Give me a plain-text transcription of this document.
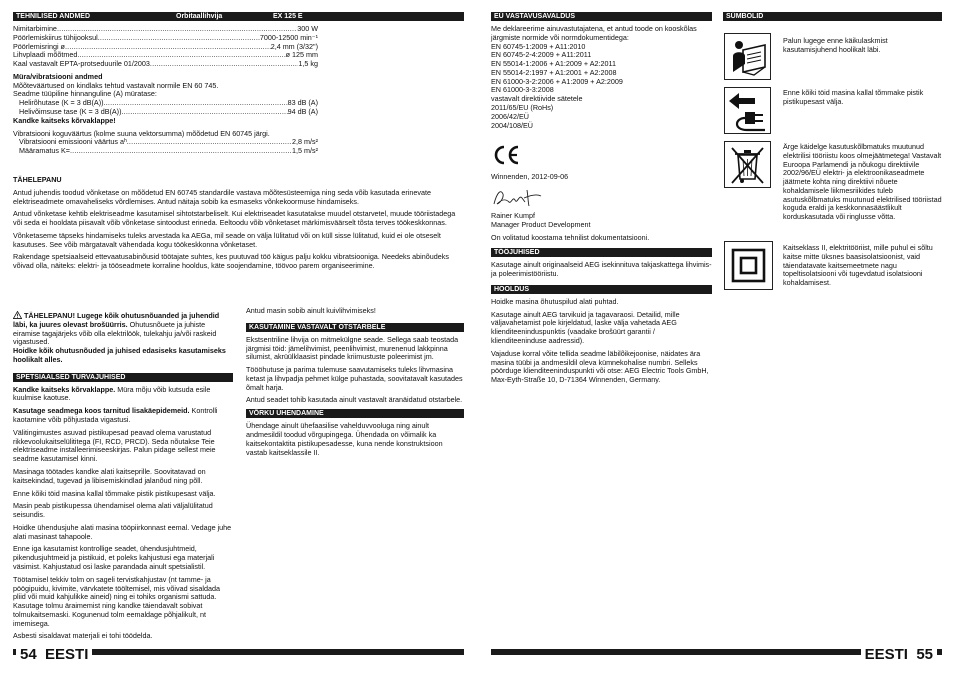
TEHNILISED ANDMED	Orbitaallihvija	EX 125 E
Nimitarbimine .....	300 W
Pöörlemiskiirus tühijooksul .....	7000-12500 min⁻¹
Pöörlemisringi ø .....	2,4 mm (3/32")
Lihvplaadi mõõtmed .....	ø 125 mm
Kaal vastavalt EPTA-protseduurile 01/2003 .....	1,5 kg
Müra/vibratsiooni andmed
Mõõteväärtused on kindlaks tehtud vastavalt normile EN 60 745.
Seadme tüüpiline hinnanguline (A) müratase:
Helirõhutase (K = 3 dB(A)) .....	83 dB (A)
Helivõimsuse tase (K = 3 dB(A)) .....	94 dB (A)
Kandke kaitseks kõrvaklappe!
Vibratsiooni koguväärtus (kolme suuna vektorsumma) mõõdetud EN 60745 järgi.
Vibratsiooni emissiooni väärtus a h .....	2,8 m/s²
Määramatus K= .....	1,5 m/s²
TÄHELEPANU

Antud juhendis toodud võnketase on mõõdetud EN 60745 standardile vastava mõõtesüsteemiga ning seda võib kasutada erinevate elektriseadmete omavaheliseks võrdlemises. Antud näitaja sobib ka esmaseks võnkekoormuse hindamiseks.

Antud võnketase kehtib elektriseadme kasutamisel sihtotstarbeliselt. Kui elektriseadet kasutatakse muudel otstarvetel, muude tööriistadega või seda ei hooldata piisavalt võib võnketase sintoodust erineda. Eeltoodu võib võnketaset märkimisväärselt tõsta terves töökeskkonnas.

Võnketaseme täpseks hindamiseks tuleks arvestada ka AEGa, mil seade on välja lülitatud või on küll sisse lülitatud, kuid ei ole otseselt kasutuses. See võib märgatavalt vähendada kogu töökeskkonna võnketaset.

Rakendage spetsiaalseid ettevaatusabinõusid töötajate suhtes, kes puutuvad töö käigus palju kokku vibratsiooniga. Needeks abinõudeks võivad olla, näiteks: elektri- ja tööseadmete korraline hooldus, käte soojendamine, töövoo parem organiseerimine.

TÄHELEPANU! Lugege kõik ohutusnõuanded ja juhendid läbi, ka juures olevast brošüürris. Ohutusnõuete ja juhiste eiramise tagajärjeks võib olla elektrilöök, tulekahju ja/või raskeid vigastused.
Hoidke kõik ohutusnõuded ja juhised edasiseks kasutamiseks hoolikalt alles.

SPETSIAALSED TURVAJUHISED

Kandke kaitseks kõrvaklappe. Müra mõju võib kutsuda esile kuulmise kaotuse.

Kasutage seadmega koos tarnitud lisakäepidemeid. Kontrolli kaotamine võib põhjustada vigastusi.

Välitingimustes asuvad pistikupesad peavad olema varustatud rikkevoolukaitselülititega (FI, RCD, PRCD). Seda nõutakse Teie elektriseadme installeerimiseeskirjas. Palun pidage sellest meie seadme kasutamisel kinni.

Masinaga töötades kandke alati kaitseprille. Soovitatavad on kaitsekindad, tugevad ja libisemiskindlad jalanõud ning põll.

Enne kõiki töid masina kallal tõmmake pistik pistikupesast välja.

Masin peab pistikupessa ühendamisel olema alati väljalülitatud seisundis.

Hoidke ühendusjuhe alati masina tööpiirkonnast eemal. Vedage juhe alati masinast tahapoole.

Enne iga kasutamist kontrollige seadet, ühendusjuhtmeid, pikendusjuhtmeid ja pistikuid, et poleks kahjustusi ega materjali väsimist. Kahjustatud osi laske parandada ainult spetsialistil.

Töötamisel tekkiv tolm on sageli tervistkahjustav (nt tamme- ja pöögipuidu, kivimite, värvkatete tööltemisel, mis võivad sisaldada pliid või muid kahjulikke aineid) ning ei tohiks organismi sattuda. Kasutage tolmu äraimemist ning kandke täiendavalt sobivat tolmukaitsemaski. Kogunenud tolm eemaldage põhjalikult, nt imemisega.

Asbesti sisaldavat materjali ei tohi töödelda.

Antud masin sobib ainult kuivlihvimiseks!

KASUTAMINE VASTAVALT OTSTARBELE

Ekstsentriline lihvija on mitmekülgne seade. Sellega saab teostada järgmisi töid: jämelihvimist, peenlihvimist, murenenud lakkpinna silumist, akrüülklaasist pindade kriimustuste poleerimist jm.

Töööhutuse ja parima tulemuse saavutamiseks tuleks lihvmasina ketast ja lihvpadja pehmet külge puhastada, soovitatavalt kasutades õmalt harja.

Antud seadet tohib kasutada ainult vastavalt äranäidatud otstarbele.

VÕRKU ÜHENDAMINE

Ühendage ainult ühefaasilise vahelduvvooluga ning ainult andmesildil toodud võrgupingega. Ühendada on võimalik ka kaitsekontaktita pistikupesadesse, kuna nende konstruktsioon vastab kaitseklassile II.

54 EESTI
EÜ VASTAVUSAVALDUS
Me deklareerime ainuvastutajatena, et antud toode on kooskõlas järgmiste normide või normdokumentidega:
EN 60745-1:2009 + A11:2010
EN 60745-2-4:2009 + A11:2011
EN 55014-1:2006 + A1:2009 + A2:2011
EN 55014-2:1997 + A1:2001 + A2:2008
EN 61000-3-2:2006 + A1:2009 + A2:2009
EN 61000-3-3:2008
vastavalt direktiivide sätetele
2011/65/EU (RoHs)
2006/42/EÜ
2004/108/EÜ

Winnenden, 2012-09-06

Rainer Kumpf
Manager Product Development

On volitatud koostama tehnilist dokumentatsiooni.

TÖÖJUHISED

Kasutage ainult originaalseid AEG isekinnituva takjaskattega lihvimis- ja poleerimistööriistu.

HOOLDUS

Hoidke masina õhutuspilud alati puhtad.

Kasutage ainult AEG tarvikuid ja tagavaraosi. Detailid, mille väljavahetamist pole kirjeldatud, laske välja vahetada AEG klienditeeninduspunktis (vaadake brošüürt garantii / klienditeeninduse aadressid).

Vajaduse korral võite tellida seadme läbilõikejoonise, näidates ära masina tüübi ja andmesildil oleva kümnekohalise numbri. Selleks pöörduge klienditeeninduspunkti või otse: AEG Electric Tools GmbH, Max-Eyth-Straße 10, D-71364 Winnenden, Germany.

SÜMBOLID
Palun lugege enne käikulaskmist kasutamisjuhend hoolikalt läbi.
Enne kõiki töid masina kallal tõmmake pistik pistikupesast välja.
Ärge käidelge kasutuskõlbmatuks muutunud elektrilisi tööriistu koos olmejäätmetega! Vastavalt Euroopa Parlamendi ja nõukogu direktiivile 2002/96/EÜ elektri- ja elektroonikaseadmete jäätmete kohta ning direktiivi nõuete kohaldamisele liikmesriikides tuleb asutuskõlbmatuks muutunud elektrilised tööriistad koguda eraldi ja keskkonnasäästlikult korduskasutada või ringlusse võtta.
Kaitseklass II, elektritööriist, mille puhul ei sõltu kaitse mitte üksnes baasisolatsioonist, vaid täiendatavate kaitsemeetmete nagu topeltisolatsiooni või tugevdatud isolatsiooni kohaldamisest.
EESTI 55
